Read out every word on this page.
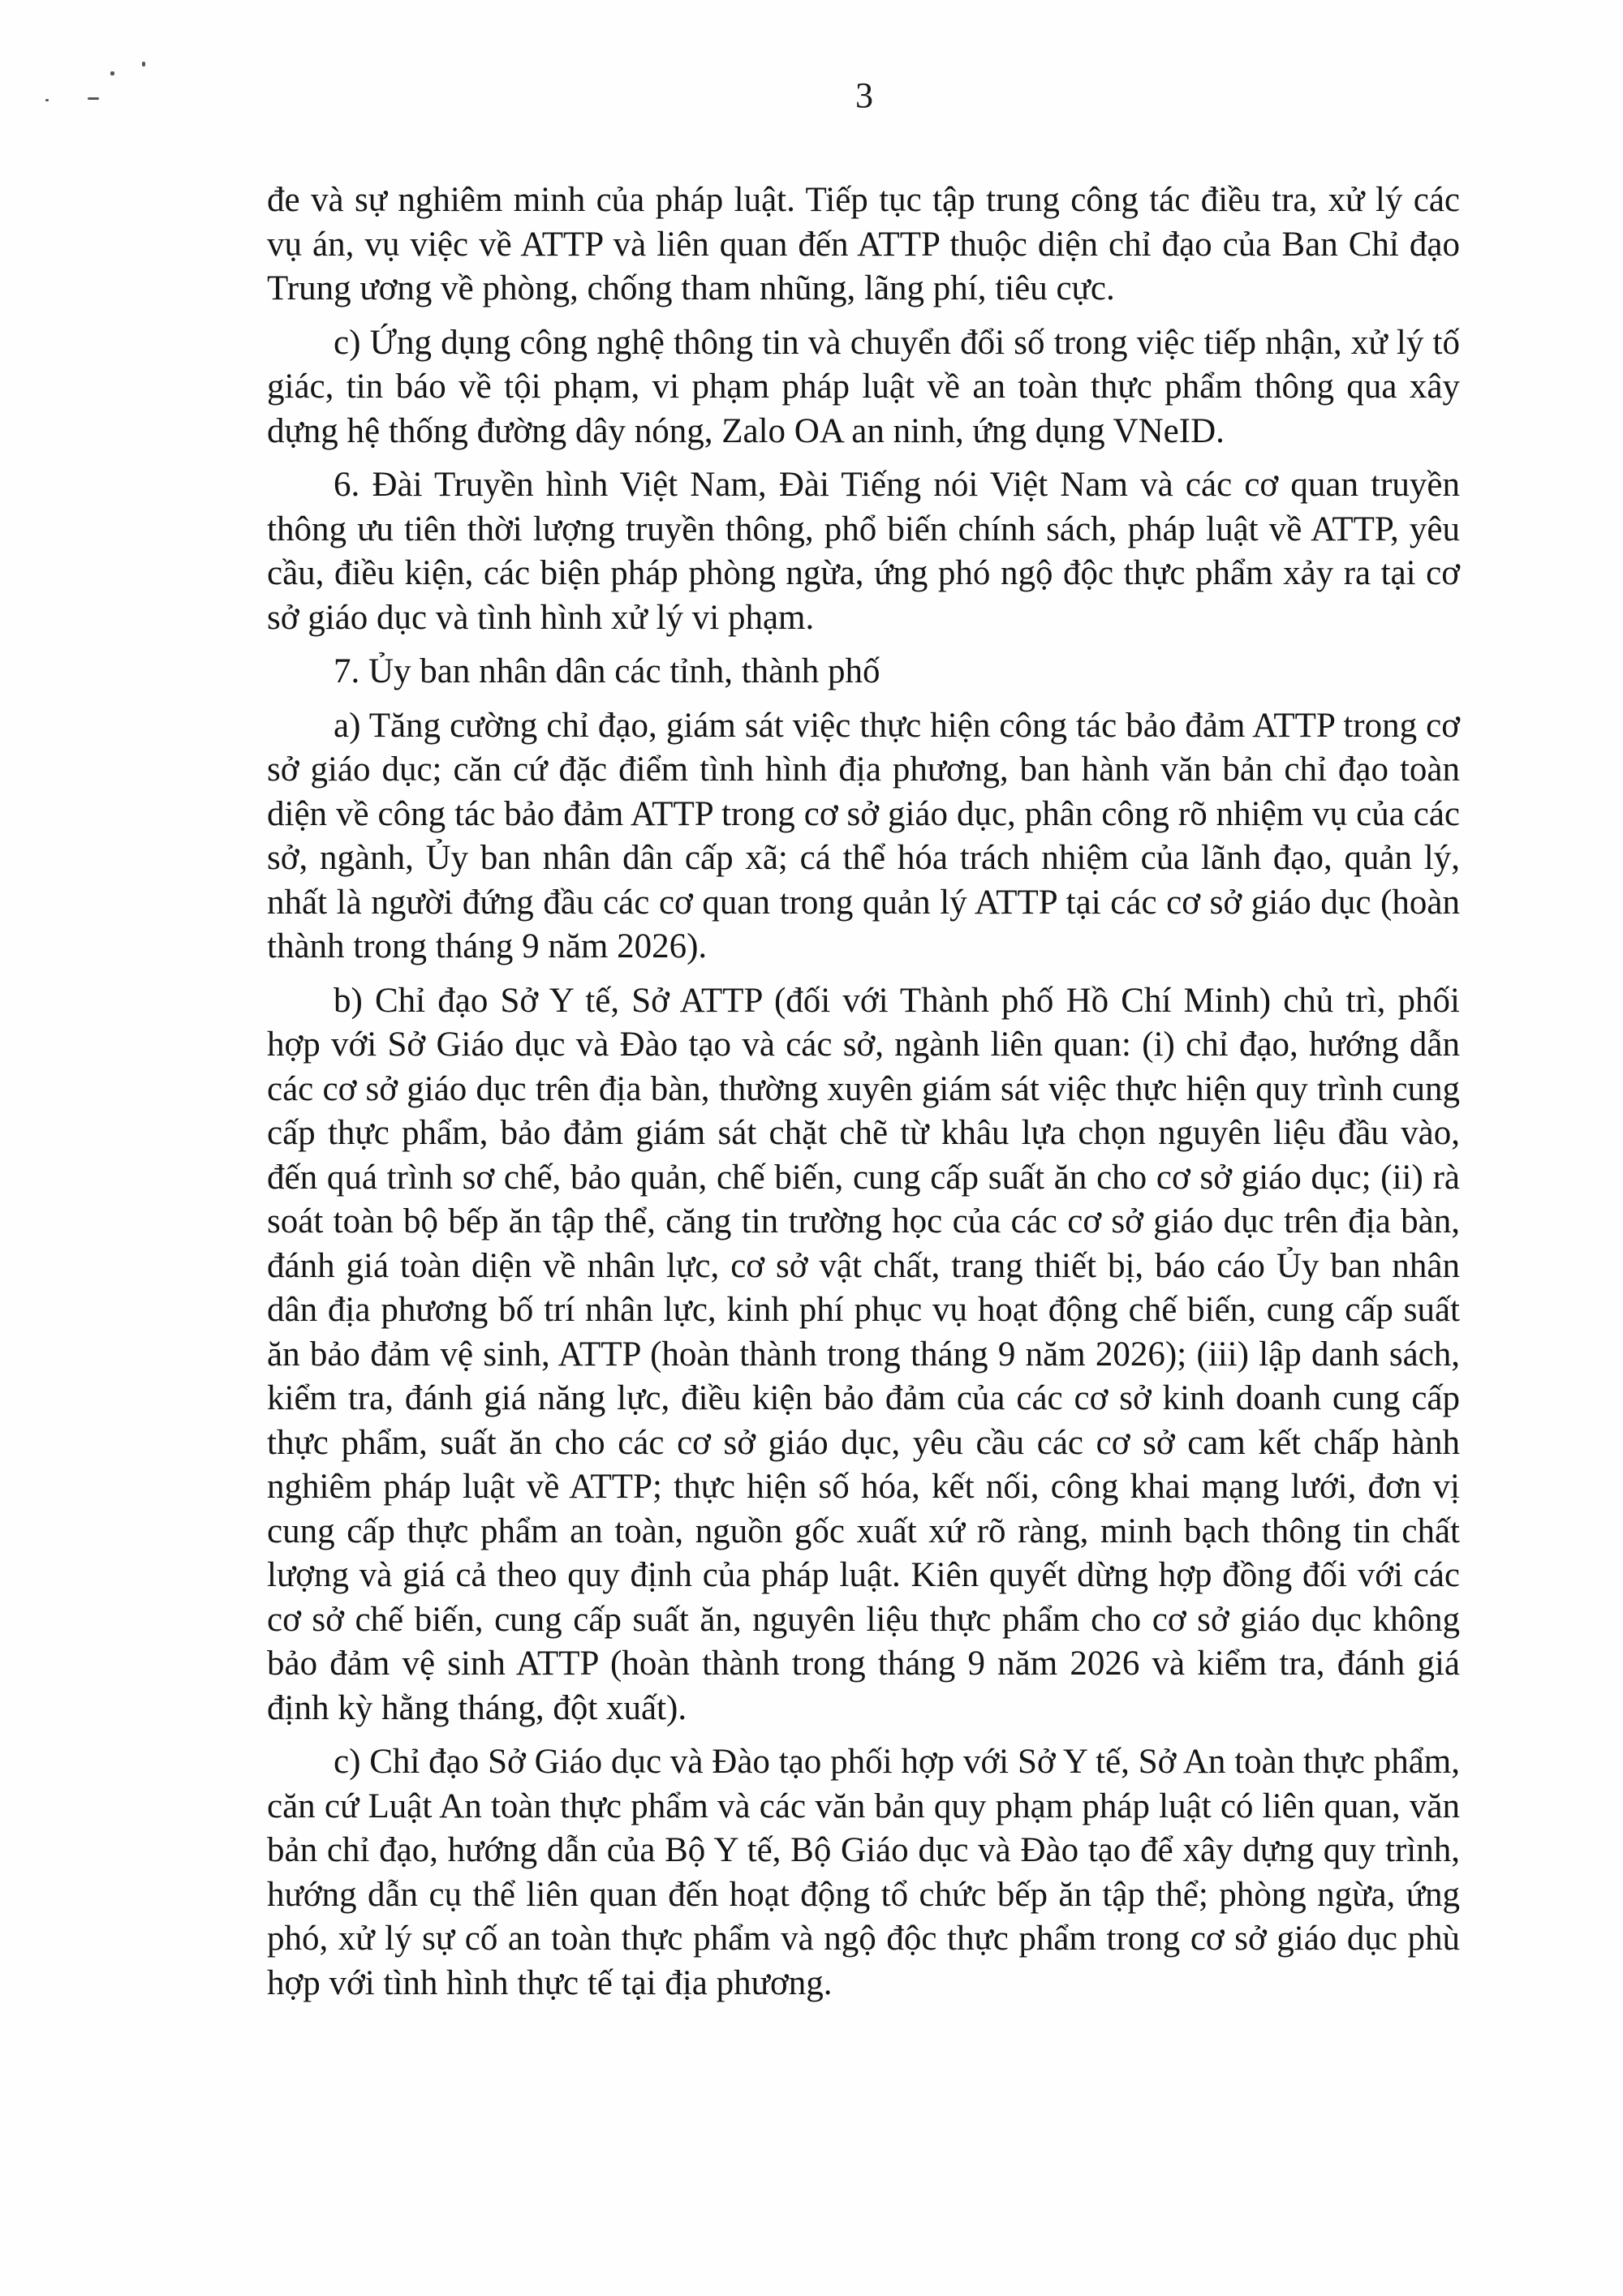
3

đe và sự nghiêm minh của pháp luật. Tiếp tục tập trung công tác điều tra, xử lý các vụ án, vụ việc về ATTP và liên quan đến ATTP thuộc diện chỉ đạo của Ban Chỉ đạo Trung ương về phòng, chống tham nhũng, lãng phí, tiêu cực.

c) Ứng dụng công nghệ thông tin và chuyển đổi số trong việc tiếp nhận, xử lý tố giác, tin báo về tội phạm, vi phạm pháp luật về an toàn thực phẩm thông qua xây dựng hệ thống đường dây nóng, Zalo OA an ninh, ứng dụng VNeID.

6. Đài Truyền hình Việt Nam, Đài Tiếng nói Việt Nam và các cơ quan truyền thông ưu tiên thời lượng truyền thông, phổ biến chính sách, pháp luật về ATTP, yêu cầu, điều kiện, các biện pháp phòng ngừa, ứng phó ngộ độc thực phẩm xảy ra tại cơ sở giáo dục và tình hình xử lý vi phạm.

7. Ủy ban nhân dân các tỉnh, thành phố

a) Tăng cường chỉ đạo, giám sát việc thực hiện công tác bảo đảm ATTP trong cơ sở giáo dục; căn cứ đặc điểm tình hình địa phương, ban hành văn bản chỉ đạo toàn diện về công tác bảo đảm ATTP trong cơ sở giáo dục, phân công rõ nhiệm vụ của các sở, ngành, Ủy ban nhân dân cấp xã; cá thể hóa trách nhiệm của lãnh đạo, quản lý, nhất là người đứng đầu các cơ quan trong quản lý ATTP tại các cơ sở giáo dục (hoàn thành trong tháng 9 năm 2026).

b) Chỉ đạo Sở Y tế, Sở ATTP (đối với Thành phố Hồ Chí Minh) chủ trì, phối hợp với Sở Giáo dục và Đào tạo và các sở, ngành liên quan: (i) chỉ đạo, hướng dẫn các cơ sở giáo dục trên địa bàn, thường xuyên giám sát việc thực hiện quy trình cung cấp thực phẩm, bảo đảm giám sát chặt chẽ từ khâu lựa chọn nguyên liệu đầu vào, đến quá trình sơ chế, bảo quản, chế biến, cung cấp suất ăn cho cơ sở giáo dục; (ii) rà soát toàn bộ bếp ăn tập thể, căng tin trường học của các cơ sở giáo dục trên địa bàn, đánh giá toàn diện về nhân lực, cơ sở vật chất, trang thiết bị, báo cáo Ủy ban nhân dân địa phương bố trí nhân lực, kinh phí phục vụ hoạt động chế biến, cung cấp suất ăn bảo đảm vệ sinh, ATTP (hoàn thành trong tháng 9 năm 2026); (iii) lập danh sách, kiểm tra, đánh giá năng lực, điều kiện bảo đảm của các cơ sở kinh doanh cung cấp thực phẩm, suất ăn cho các cơ sở giáo dục, yêu cầu các cơ sở cam kết chấp hành nghiêm pháp luật về ATTP; thực hiện số hóa, kết nối, công khai mạng lưới, đơn vị cung cấp thực phẩm an toàn, nguồn gốc xuất xứ rõ ràng, minh bạch thông tin chất lượng và giá cả theo quy định của pháp luật. Kiên quyết dừng hợp đồng đối với các cơ sở chế biến, cung cấp suất ăn, nguyên liệu thực phẩm cho cơ sở giáo dục không bảo đảm vệ sinh ATTP (hoàn thành trong tháng 9 năm 2026 và kiểm tra, đánh giá định kỳ hằng tháng, đột xuất).

c) Chỉ đạo Sở Giáo dục và Đào tạo phối hợp với Sở Y tế, Sở An toàn thực phẩm, căn cứ Luật An toàn thực phẩm và các văn bản quy phạm pháp luật có liên quan, văn bản chỉ đạo, hướng dẫn của Bộ Y tế, Bộ Giáo dục và Đào tạo để xây dựng quy trình, hướng dẫn cụ thể liên quan đến hoạt động tổ chức bếp ăn tập thể; phòng ngừa, ứng phó, xử lý sự cố an toàn thực phẩm và ngộ độc thực phẩm trong cơ sở giáo dục phù hợp với tình hình thực tế tại địa phương.
